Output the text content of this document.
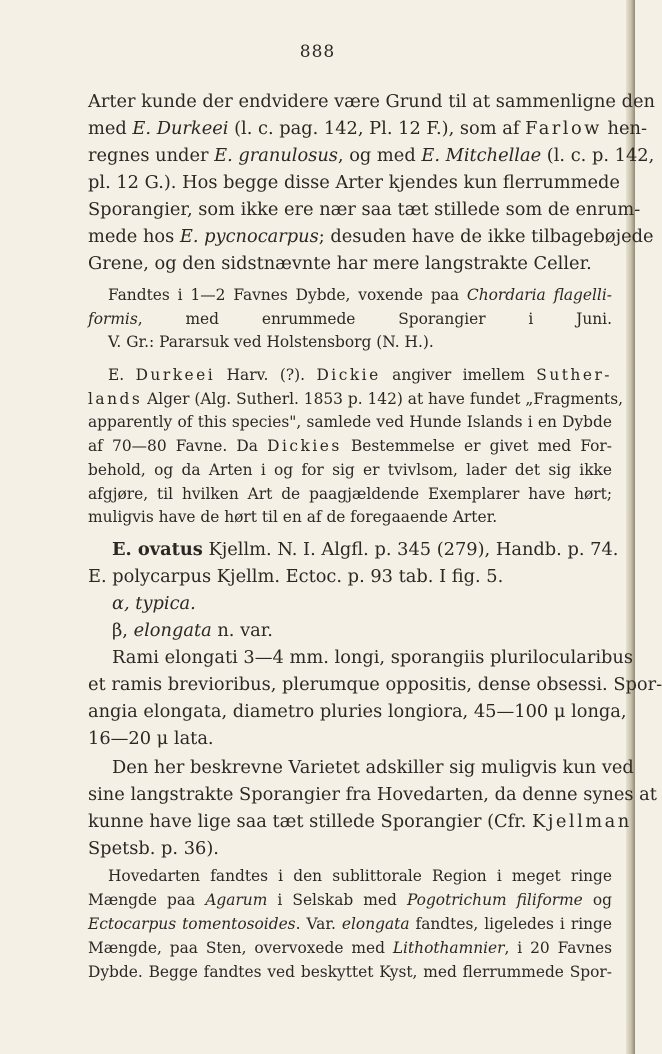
888
Arter kunde der endvidere være Grund til at sammenligne den
med E. Durkeei (l. c. pag. 142, Pl. 12 F.), som af Farlow hen-
regnes under E. granulosus, og med E. Mitchellae (l. c. p. 142,
pl. 12 G.). Hos begge disse Arter kjendes kun flerrummede
Sporangier, som ikke ere nær saa tæt stillede som de enrum-
mede hos E. pycnocarpus; desuden have de ikke tilbagebøjede
Grene, og den sidstnævnte har mere langstrakte Celler.
Fandtes i 1—2 Favnes Dybde, voxende paa Chordaria flagelli-
formis, med enrummede Sporangier i Juni.
V. Gr.: Pararsuk ved Holstensborg (N. H.).
E. Durkeei Harv. (?). Dickie angiver imellem Suther-
lands Alger (Alg. Sutherl. 1853 p. 142) at have fundet „Fragments,
apparently of this species", samlede ved Hunde Islands i en Dybde
af 70—80 Favne. Da Dickies Bestemmelse er givet med For-
behold, og da Arten i og for sig er tvivlsom, lader det sig ikke
afgjøre, til hvilken Art de paagjældende Exemplarer have hørt;
muligvis have de hørt til en af de foregaaende Arter.
E. ovatus Kjellm. N. I. Algfl. p. 345 (279), Handb. p. 74.
E. polycarpus Kjellm. Ectoc. p. 93 tab. I fig. 5.
α, typica.
β, elongata n. var.
Rami elongati 3—4 mm. longi, sporangiis plurilocularibus
et ramis brevioribus, plerumque oppositis, dense obsessi. Spor-
angia elongata, diametro pluries longiora, 45—100 μ longa,
16—20 μ lata.
Den her beskrevne Varietet adskiller sig muligvis kun ved
sine langstrakte Sporangier fra Hovedarten, da denne synes at
kunne have lige saa tæt stillede Sporangier (Cfr. Kjellman
Spetsb. p. 36).
Hovedarten fandtes i den sublittorale Region i meget ringe
Mængde paa Agarum i Selskab med Pogotrichum filiforme og
Ectocarpus tomentosoides. Var. elongata fandtes, ligeledes i ringe
Mængde, paa Sten, overvoxede med Lithothamnier, i 20 Favnes
Dybde. Begge fandtes ved beskyttet Kyst, med flerrummede Spor-
